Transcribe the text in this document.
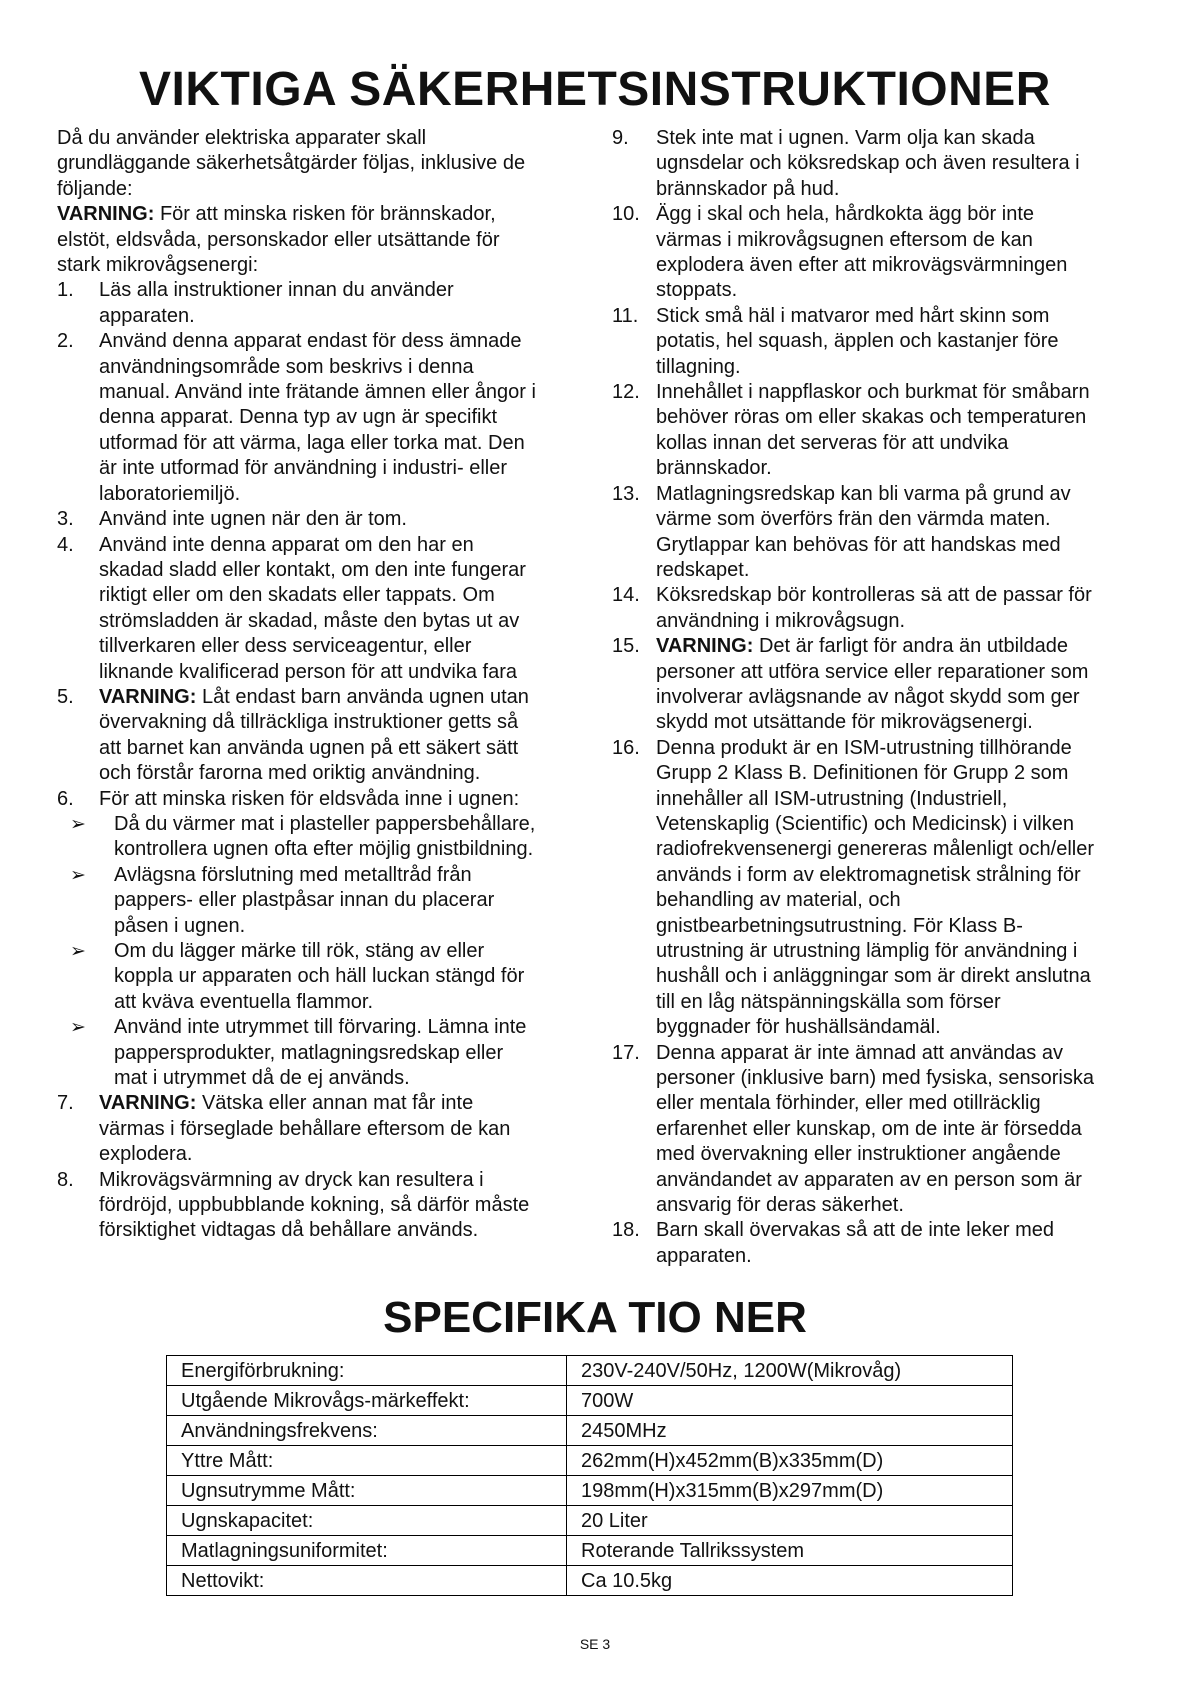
VIKTIGA SÄKERHETSINSTRUKTIONER
Då du använder elektriska apparater skall
grundläggande säkerhetsåtgärder följas, inklusive de
följande:
VARNING: För att minska risken för brännskador,
elstöt, eldsvåda, personskador eller utsättande för
stark mikrovågsenergi:
1. Läs alla instruktioner innan du använder
apparaten.
2. Använd denna apparat endast för dess ämnade
användningsområde som beskrivs i denna
manual. Använd inte frätande ämnen eller ångor i
denna apparat. Denna typ av ugn är specifikt
utformad för att värma, laga eller torka mat. Den
är inte utformad för användning i industri- eller
laboratoriemiljö.
3. Använd inte ugnen när den är tom.
4. Använd inte denna apparat om den har en
skadad sladd eller kontakt, om den inte fungerar
riktigt eller om den skadats eller tappats. Om
strömsladden är skadad, måste den bytas ut av
tillverkaren eller dess serviceagentur, eller
liknande kvalificerad person för att undvika fara
5. VARNING: Låt endast barn använda ugnen utan
övervakning då tillräckliga instruktioner getts så
att barnet kan använda ugnen på ett säkert sätt
och förstår farorna med oriktig användning.
6. För att minska risken för eldsvåda inne i ugnen:
➢ Då du värmer mat i plasteller pappersbehållare,
kontrollera ugnen ofta efter möjlig gnistbildning.
➢ Avlägsna förslutning med metalltråd från
pappers- eller plastpåsar innan du placerar
påsen i ugnen.
➢ Om du lägger märke till rök, stäng av eller
koppla ur apparaten och häll luckan stängd för
att kväva eventuella flammor.
➢ Använd inte utrymmet till förvaring. Lämna inte
pappersprodukter, matlagningsredskap eller
mat i utrymmet då de ej används.
7. VARNING: Vätska eller annan mat får inte
värmas i förseglade behållare eftersom de kan
explodera.
8. Mikrovägsvärmning av dryck kan resultera i
fördröjd, uppbubblande kokning, så därför måste
försiktighet vidtagas då behållare används.
9. Stek inte mat i ugnen. Varm olja kan skada
ugnsdelar och köksredskap och även resultera i
brännskador på hud.
10. Ägg i skal och hela, hårdkokta ägg bör inte
värmas i mikrovågsugnen eftersom de kan
explodera även efter att mikrovägsvärmningen
stoppats.
11. Stick små häl i matvaror med hårt skinn som
potatis, hel squash, äpplen och kastanjer före
tillagning.
12. Innehållet i nappflaskor och burkmat för småbarn
behöver röras om eller skakas och temperaturen
kollas innan det serveras för att undvika
brännskador.
13. Matlagningsredskap kan bli varma på grund av
värme som överförs frän den värmda maten.
Grytlappar kan behövas för att handskas med
redskapet.
14. Köksredskap bör kontrolleras sä att de passar för
användning i mikrovågsugn.
15. VARNING: Det är farligt för andra än utbildade
personer att utföra service eller reparationer som
involverar avlägsnande av något skydd som ger
skydd mot utsättande för mikrovägsenergi.
16. Denna produkt är en ISM-utrustning tillhörande
Grupp 2 Klass B. Definitionen för Grupp 2 som
innehåller all ISM-utrustning (Industriell,
Vetenskaplig (Scientific) och Medicinsk) i vilken
radiofrekvensenergi genereras målenligt och/eller
används i form av elektromagnetisk strålning för
behandling av material, och
gnistbearbetningsutrustning. För Klass B-
utrustning är utrustning lämplig för användning i
hushåll och i anläggningar som är direkt anslutna
till en låg nätspänningskälla som förser
byggnader för hushällsändamäl.
17. Denna apparat är inte ämnad att användas av
personer (inklusive barn) med fysiska, sensoriska
eller mentala förhinder, eller med otillräcklig
erfarenhet eller kunskap, om de inte är försedda
med övervakning eller instruktioner angående
användandet av apparaten av en person som är
ansvarig för deras säkerhet.
18. Barn skall övervakas så att de inte leker med
apparaten.
SPECIFIKA TIO NER
Energiförbrukning:	230V-240V/50Hz, 1200W(Mikrovåg)
Utgående Mikrovågs-märkeffekt:	700W
Användningsfrekvens:	2450MHz
Yttre Mått:	262mm(H)x452mm(B)x335mm(D)
Ugnsutrymme Mått:	198mm(H)x315mm(B)x297mm(D)
Ugnskapacitet:	20 Liter
Matlagningsuniformitet:	Roterande Tallrikssystem
Nettovikt:	Ca 10.5kg
SE 3
